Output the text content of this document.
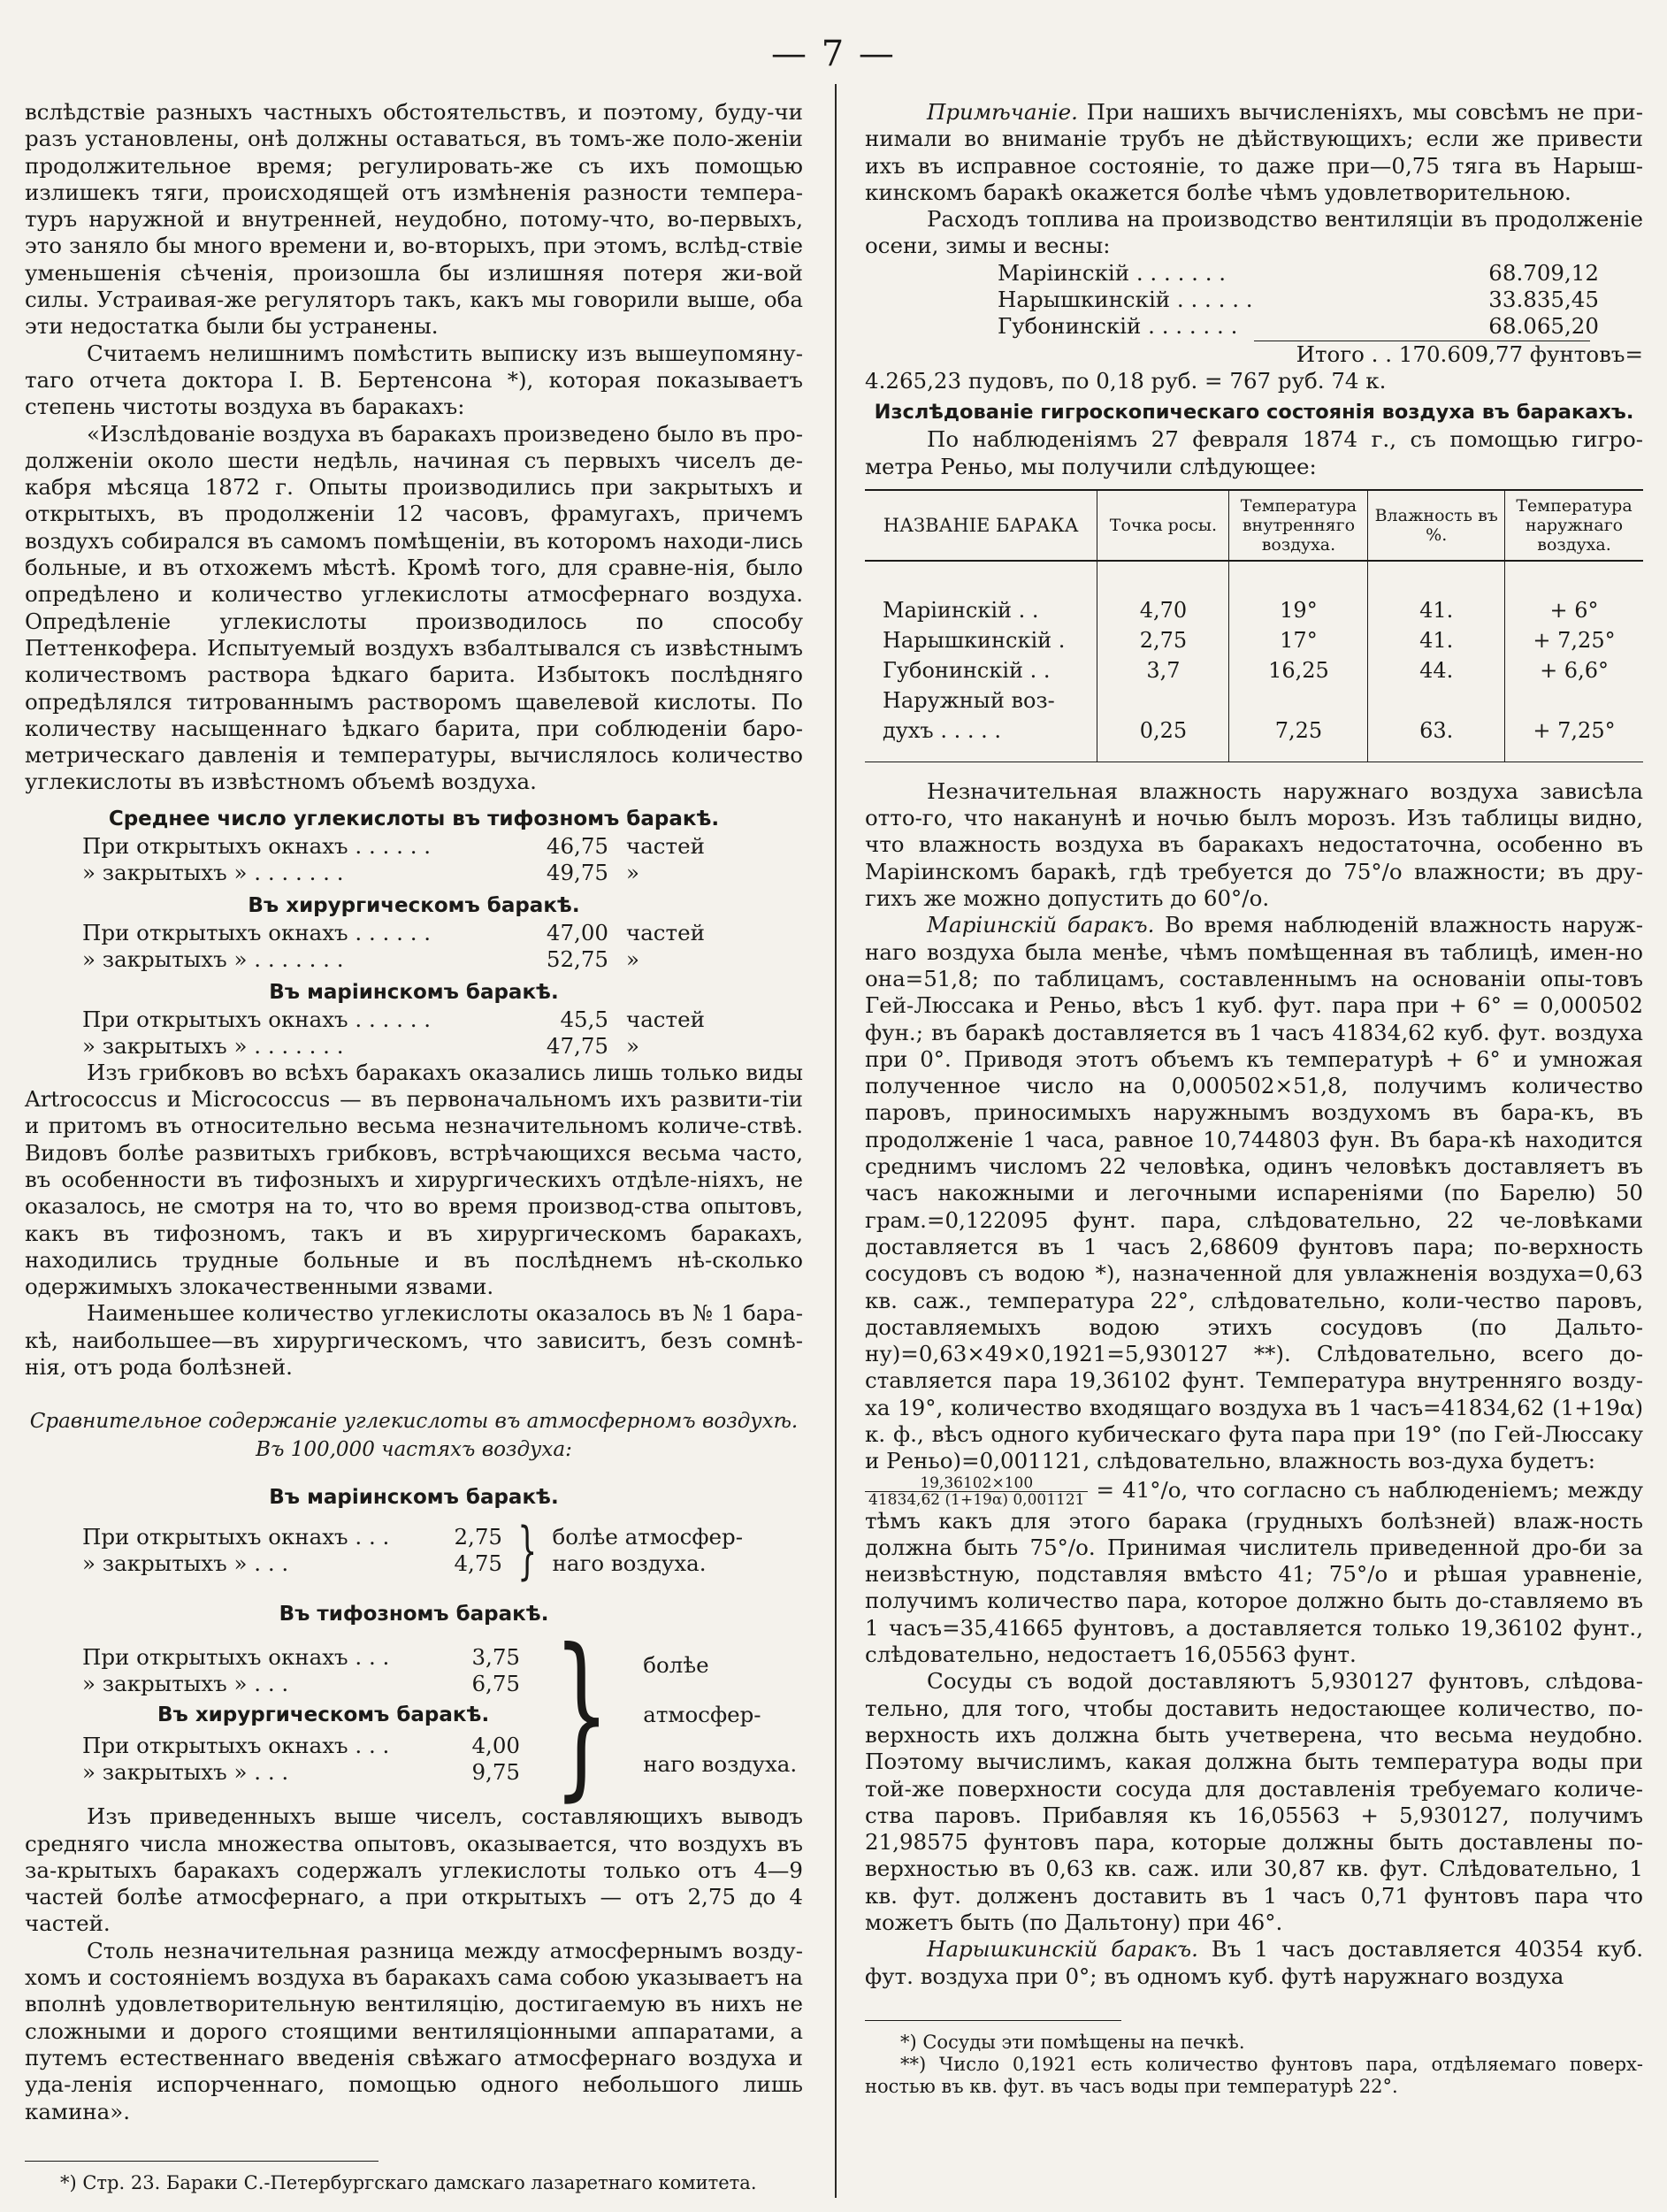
— 7 —

вслѣдствіе разныхъ частныхъ обстоятельствъ, и поэтому, буду-чи разъ установлены, онѣ должны оставаться, въ томъ-же поло-женіи продолжительное время; регулировать-же съ ихъ помощью излишекъ тяги, происходящей отъ измѣненія разности темпера-туръ наружной и внутренней, неудобно, потому-что, во-первыхъ, это заняло бы много времени и, во-вторыхъ, при этомъ, вслѣд-ствіе уменьшенія сѣченія, произошла бы излишняя потеря жи-вой силы. Устраивая-же регуляторъ такъ, какъ мы говорили выше, оба эти недостатка были бы устранены.

Считаемъ нелишнимъ помѣстить выписку изъ вышеупомяну-таго отчета доктора І. В. Бертенсона *), которая показываетъ степень чистоты воздуха въ баракахъ:

«Изслѣдованіе воздуха въ баракахъ произведено было въ про-долженіи около шести недѣль, начиная съ первыхъ чиселъ де-кабря мѣсяца 1872 г. Опыты производились при закрытыхъ и открытыхъ, въ продолженіи 12 часовъ, фрамугахъ, причемъ воздухъ собирался въ самомъ помѣщеніи, въ которомъ находи-лись больные, и въ отхожемъ мѣстѣ. Кромѣ того, для сравне-нія, было опредѣлено и количество углекислоты атмосфернаго воздуха. Опредѣленіе углекислоты производилось по способу Петтенкофера. Испытуемый воздухъ взбалтывался съ извѣстнымъ количествомъ раствора ѣдкаго барита. Избытокъ послѣдняго опредѣлялся титрованнымъ растворомъ щавелевой кислоты. По количеству насыщеннаго ѣдкаго барита, при соблюденіи баро-метрическаго давленія и температуры, вычислялось количество углекислоты въ извѣстномъ объемѣ воздуха.

Среднее число углекислоты въ тифозномъ баракѣ.
При открытыхъ окнахъ . . . . . .	46,75 частей
» закрытыхъ » . . . . . . .	49,75 »
Въ хирургическомъ баракѣ.
При открытыхъ окнахъ . . . . . .	47,00 частей
» закрытыхъ » . . . . . . .	52,75 »
Въ маріинскомъ баракѣ.
При открытыхъ окнахъ . . . . . .	45,5 частей
» закрытыхъ » . . . . . . .	47,75 »

Изъ грибковъ во всѣхъ баракахъ оказались лишь только виды Artrococcus и Micrococcus — въ первоначальномъ ихъ развити-тіи и притомъ въ относительно весьма незначительномъ количе-ствѣ. Видовъ болѣе развитыхъ грибковъ, встрѣчающихся весьма часто, въ особенности въ тифозныхъ и хирургическихъ отдѣле-ніяхъ, не оказалось, не смотря на то, что во время производ-ства опытовъ, какъ въ тифозномъ, такъ и въ хирургическомъ баракахъ, находились трудные больные и въ послѣднемъ нѣ-сколько одержимыхъ злокачественными язвами.

Наименьшее количество углекислоты оказалось въ № 1 бара-кѣ, наибольшее—въ хирургическомъ, что зависитъ, безъ сомнѣ-нія, отъ рода болѣзней.

Сравнительное содержаніе углекислоты въ атмосферномъ воздухѣ.
Въ 100,000 частяхъ воздуха:
Въ маріинскомъ баракѣ.
При открытыхъ окнахъ . . .	2,75
» закрытыхъ » . . .	4,75 } болѣе атмосфер-наго воздуха.
Въ тифозномъ баракѣ.
При открытыхъ окнахъ . . .	3,75
» закрытыхъ » . . .	6,75
Въ хирургическомъ баракѣ.
При открытыхъ окнахъ . . .	4,00
» закрытыхъ » . . .	9,75 } болѣе атмосфер-наго воздуха.

Изъ приведенныхъ выше чиселъ, составляющихъ выводъ средняго числа множества опытовъ, оказывается, что воздухъ въ за-крытыхъ баракахъ содержалъ углекислоты только отъ 4—9 частей болѣе атмосфернаго, а при открытыхъ — отъ 2,75 до 4 частей.

Столь незначительная разница между атмосфернымъ возду-хомъ и состояніемъ воздуха въ баракахъ сама собою указываетъ на вполнѣ удовлетворительную вентиляцію, достигаемую въ нихъ не сложными и дорого стоящими вентиляціонными аппаратами, а путемъ естественнаго введенія свѣжаго атмосфернаго воздуха и уда-ленія испорченнаго, помощью одного небольшого лишь камина».

*) Стр. 23. Бараки С.-Петербургскаго дамскаго лазаретнаго комитета.

Примѣчаніе. При нашихъ вычисленіяхъ, мы совсѣмъ не при-нимали во вниманіе трубъ не дѣйствующихъ; если же привести ихъ въ исправное состояніе, то даже при—0,75 тяга въ Нарыш-кинскомъ баракѣ окажется болѣе чѣмъ удовлетворительною.

Расходъ топлива на производство вентиляціи въ продолженіе осени, зимы и весны:

Маріинскій . . . . . . .	68.709,12
Нарышкинскій . . . . . .	33.835,45
Губонинскій . . . . . . .	68.065,20

Итого . . 170.609,77 фунтовъ=

4.265,23 пудовъ, по 0,18 руб. = 767 руб. 74 к.

Изслѣдованіе гигроскопическаго состоянія воздуха въ баракахъ.

По наблюденіямъ 27 февраля 1874 г., съ помощью гигро-метра Реньо, мы получили слѣдующее:

НАЗВАНІЕ БАРАКА	Точка росы.	Температура внутренняго воздуха.	Влажность въ %.	Температура наружнаго воздуха.
Маріинскій . .	4,70	19°	41.	+ 6°
Нарышкинскій .	2,75	17°	41.	+ 7,25°
Губонинскій . .	3,7	16,25	44.	+ 6,6°
Наружный воз-				
духъ . . . . .	0,25	7,25	63.	+ 7,25°

Незначительная влажность наружнаго воздуха зависѣла отто-го, что наканунѣ и ночью былъ морозъ. Изъ таблицы видно, что влажность воздуха въ баракахъ недостаточна, особенно въ Маріинскомъ баракѣ, гдѣ требуется до 75°/о влажности; въ дру-гихъ же можно допустить до 60°/о.

Маріинскій баракъ. Во время наблюденій влажность наруж-наго воздуха была менѣе, чѣмъ помѣщенная въ таблицѣ, имен-но она=51,8; по таблицамъ, составленнымъ на основаніи опы-товъ Гей-Люссака и Реньо, вѣсъ 1 куб. фут. пара при + 6° = 0,000502 фун.; въ баракѣ доставляется въ 1 часъ 41834,62 куб. фут. воздуха при 0°. Приводя этотъ объемъ къ температурѣ + 6° и умножая полученное число на 0,000502×51,8, получимъ количество паровъ, приносимыхъ наружнымъ воздухомъ въ бара-къ, въ продолженіе 1 часа, равное 10,744803 фун. Въ бара-кѣ находится среднимъ числомъ 22 человѣка, одинъ человѣкъ доставляетъ въ часъ накожными и легочными испареніями (по Барелю) 50 грам.=0,122095 фунт. пара, слѣдовательно, 22 че-ловѣками доставляется въ 1 часъ 2,68609 фунтовъ пара; по-верхность сосудовъ съ водою *), назначенной для увлажненія воздуха=0,63 кв. саж., температура 22°, слѣдовательно, коли-чество паровъ, доставляемыхъ водою этихъ сосудовъ (по Дальто-ну)=0,63×49×0,1921=5,930127 **). Слѣдовательно, всего до-ставляется пара 19,36102 фунт. Температура внутренняго возду-ха 19°, количество входящаго воздуха въ 1 часъ=41834,62 (1+19α) к. ф., вѣсъ одного кубическаго фута пара при 19° (по Гей-Люссаку и Реньо)=0,001121, слѣдовательно, влажность воз-духа будетъ:

$\frac{19,36102\times 100}{41834,62 (1+19\alpha) 0,001121} = 41^\circ/о$, что согласно съ наблюденіемъ; между тѣмъ какъ для этого барака (грудныхъ болѣзней) влаж-ность должна быть 75°/о. Принимая числитель приведенной дро-би за неизвѣстную, подставляя вмѣсто 41; 75°/о и рѣшая уравненіе, получимъ количество пара, которое должно быть до-ставляемо въ 1 часъ=35,41665 фунтовъ, а доставляется только 19,36102 фунт., слѣдовательно, недостаетъ 16,05563 фунт.

Сосуды съ водой доставляютъ 5,930127 фунтовъ, слѣдова-тельно, для того, чтобы доставить недостающее количество, по-верхность ихъ должна быть учетверена, что весьма неудобно. Поэтому вычислимъ, какая должна быть температура воды при той-же поверхности сосуда для доставленія требуемаго количе-ства паровъ. Прибавляя къ 16,05563 + 5,930127, получимъ 21,98575 фунтовъ пара, которые должны быть доставлены по-верхностью въ 0,63 кв. саж. или 30,87 кв. фут. Слѣдовательно, 1 кв. фут. долженъ доставить въ 1 часъ 0,71 фунтовъ пара что можетъ быть (по Дальтону) при 46°.

Нарышкинскій баракъ. Въ 1 часъ доставляется 40354 куб. фут. воздуха при 0°; въ одномъ куб. футѣ наружнаго воздуха

*) Сосуды эти помѣщены на печкѣ.
**) Число 0,1921 есть количество фунтовъ пара, отдѣляемаго поверх-ностью въ кв. фут. въ часъ воды при температурѣ 22°.
